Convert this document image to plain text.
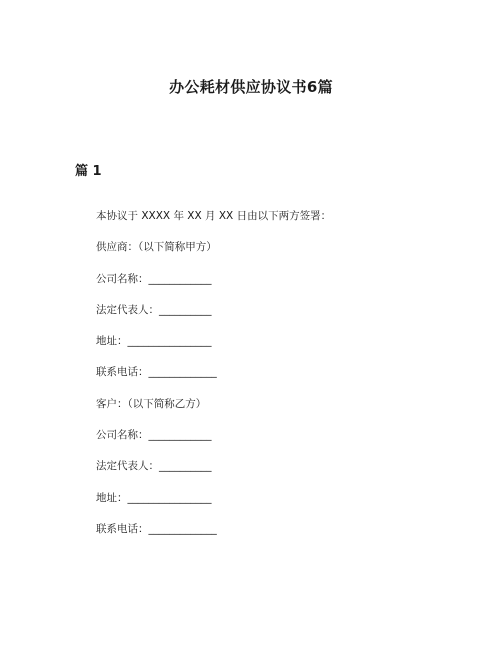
办公耗材供应协议书6篇
篇 1
本协议于 XXXX 年 XX 月 XX 日由以下两方签署：
供应商：（以下简称甲方）
公司名称：____________
法定代表人：__________
地址：________________
联系电话：_____________
客户：（以下简称乙方）
公司名称：____________
法定代表人：__________
地址：________________
联系电话：_____________
